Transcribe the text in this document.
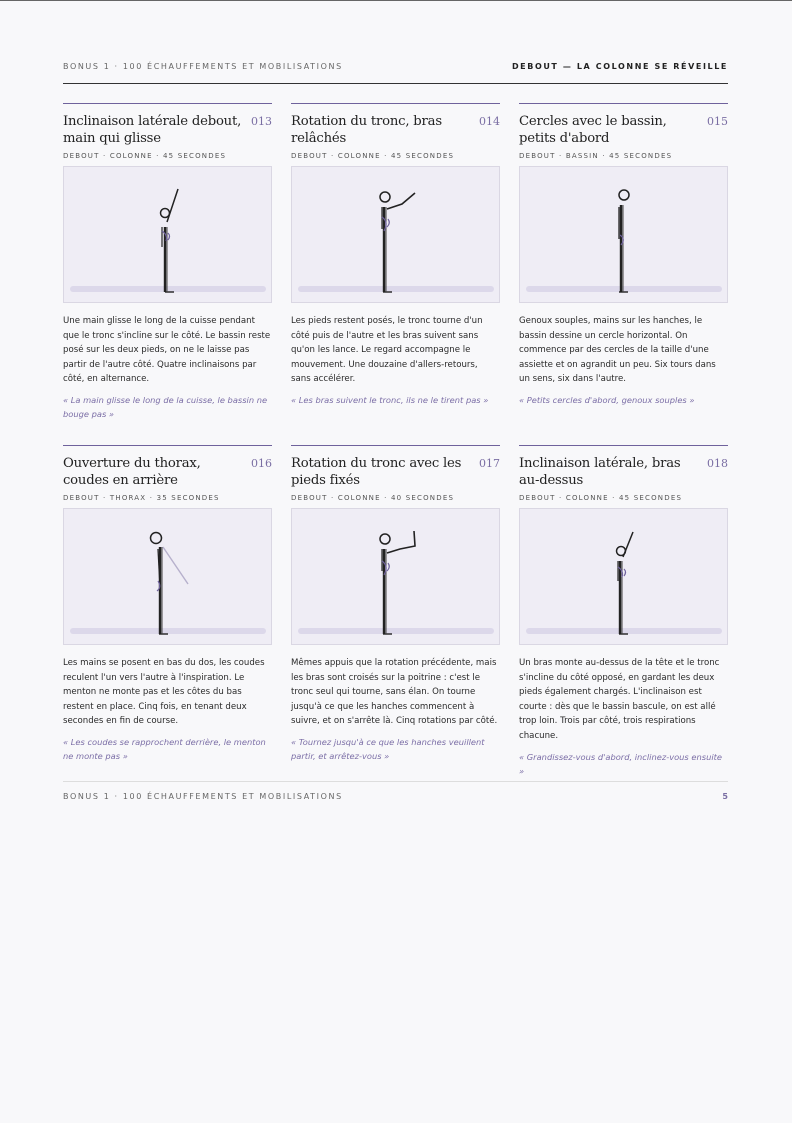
BONUS 1 · 100 ÉCHAUFFEMENTS ET MOBILISATIONS	DEBOUT — LA COLONNE SE RÉVEILLE
Inclinaison latérale debout, main qui glisse
013
DEBOUT · COLONNE · 45 SECONDES
Une main glisse le long de la cuisse pendant que le tronc s'incline sur le côté. Le bassin reste posé sur les deux pieds, on ne le laisse pas partir de l'autre côté. Quatre inclinaisons par côté, en alternance.
« La main glisse le long de la cuisse, le bassin ne bouge pas »
Rotation du tronc, bras relâchés
014
DEBOUT · COLONNE · 45 SECONDES
Les pieds restent posés, le tronc tourne d'un côté puis de l'autre et les bras suivent sans qu'on les lance. Le regard accompagne le mouvement. Une douzaine d'allers-retours, sans accélérer.
« Les bras suivent le tronc, ils ne le tirent pas »
Cercles avec le bassin, petits d'abord
015
DEBOUT · BASSIN · 45 SECONDES
Genoux souples, mains sur les hanches, le bassin dessine un cercle horizontal. On commence par des cercles de la taille d'une assiette et on agrandit un peu. Six tours dans un sens, six dans l'autre.
« Petits cercles d'abord, genoux souples »
Ouverture du thorax, coudes en arrière
016
DEBOUT · THORAX · 35 SECONDES
Les mains se posent en bas du dos, les coudes reculent l'un vers l'autre à l'inspiration. Le menton ne monte pas et les côtes du bas restent en place. Cinq fois, en tenant deux secondes en fin de course.
« Les coudes se rapprochent derrière, le menton ne monte pas »
Rotation du tronc avec les pieds fixés
017
DEBOUT · COLONNE · 40 SECONDES
Mêmes appuis que la rotation précédente, mais les bras sont croisés sur la poitrine : c'est le tronc seul qui tourne, sans élan. On tourne jusqu'à ce que les hanches commencent à suivre, et on s'arrête là. Cinq rotations par côté.
« Tournez jusqu'à ce que les hanches veuillent partir, et arrêtez-vous »
Inclinaison latérale, bras au-dessus
018
DEBOUT · COLONNE · 45 SECONDES
Un bras monte au-dessus de la tête et le tronc s'incline du côté opposé, en gardant les deux pieds également chargés. L'inclinaison est courte : dès que le bassin bascule, on est allé trop loin. Trois par côté, trois respirations chacune.
« Grandissez-vous d'abord, inclinez-vous ensuite »
BONUS 1 · 100 ÉCHAUFFEMENTS ET MOBILISATIONS	5
